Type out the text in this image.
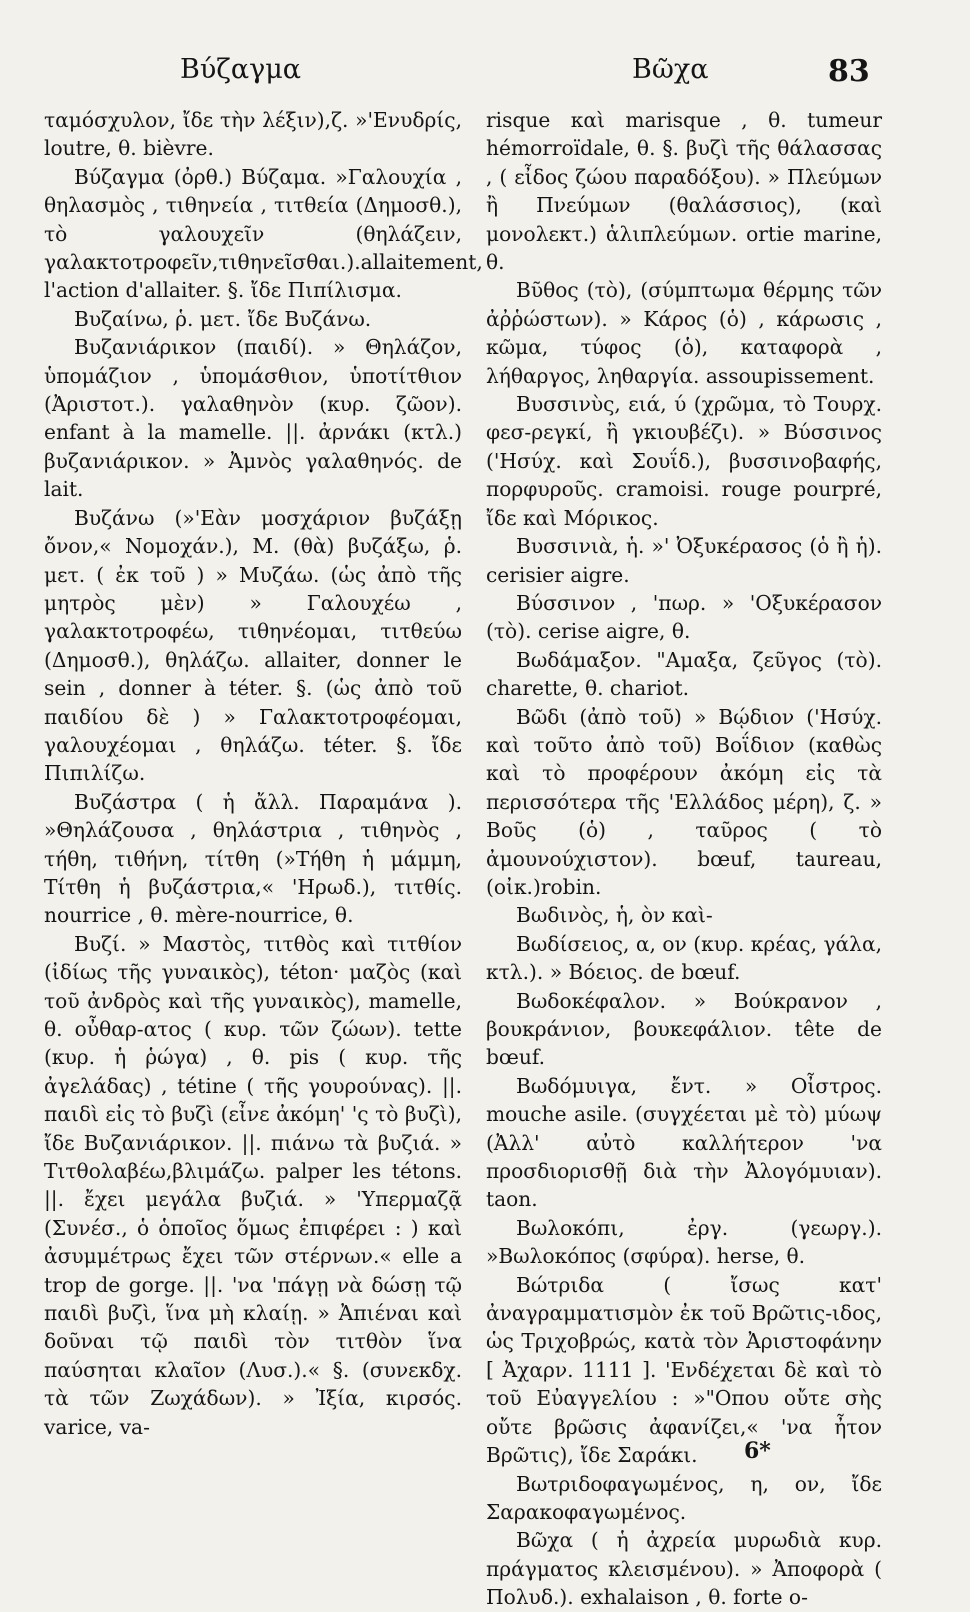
Βύζαγμα	Βῶχα	83

ταμόσχυλον, ἴδε τὴν λέξιν),ζ. »'Ενυδρίς, loutre, θ. bièvre.

Βύζαγμα (ὀρθ.) Βύζαμα. »Γαλουχία , θηλασμὸς , τιθηνεία , τιτθεία (Δημοσθ.), τὸ γαλουχεῖν (θηλάζειν, γαλακτοτροφεῖν,τιθηνεῖσθαι.).allaitement, l'action d'allaiter. §. ἴδε Πιπίλισμα.

Βυζαίνω, ῥ. μετ. ἴδε Βυζάνω.

Βυζανιάρικον (παιδί). » Θηλάζον, ὑπομάζιον , ὑπομάσθιον, ὑποτίτθιον (Ἀριστοτ.). γαλαθηνὸν (κυρ. ζῶον). enfant à la mamelle. ||. ἀρνάκι (κτλ.) βυζανιάρικον. » Ἀμνὸς γαλαθηνός. de lait.

Βυζάνω (»'Εὰν μοσχάριον βυζάξῃ ὄνον,« Νομοχάν.), Μ. (θὰ) βυζάξω, ῥ. μετ. ( ἐκ τοῦ ) » Μυζάω. (ὡς ἀπὸ τῆς μητρὸς μὲν) » Γαλουχέω , γαλακτοτροφέω, τιθηνέομαι, τιτθεύω (Δημοσθ.), θηλάζω. allaiter, donner le sein , donner à téter. §. (ὡς ἀπὸ τοῦ παιδίου δὲ ) » Γαλακτοτροφέομαι, γαλουχέομαι , θηλάζω. téter. §. ἴδε Πιπιλίζω.

Βυζάστρα ( ἡ ἄλλ. Παραμάνα ). »Θηλάζουσα , θηλάστρια , τιθηνὸς , τήθη, τιθήνη, τίτθη (»Τήθη ἡ μάμμη, Τίτθη ἡ βυζάστρια,« 'Ηρωδ.), τιτθίς. nourrice , θ. mère-nourrice, θ.

Βυζί. » Μαστὸς, τιτθὸς καὶ τιτθίον (ἰδίως τῆς γυναικὸς), téton· μαζὸς (καὶ τοῦ ἀνδρὸς καὶ τῆς γυναικὸς), mamelle, θ. οὖθαρ-ατος ( κυρ. τῶν ζώων). tette (κυρ. ἡ ῥώγα) , θ. pis ( κυρ. τῆς ἀγελάδας) , tétine ( τῆς γουρούνας). ||. παιδὶ εἰς τὸ βυζὶ (εἶνε ἀκόμη' 'ς τὸ βυζὶ), ἴδε Βυζανιάρικον. ||. πιάνω τὰ βυζιά. » Τιτθολαβέω,βλιμάζω. palper les tétons. ||. ἔχει μεγάλα βυζιά. » 'Υπερμαζᾷ (Συνέσ., ὁ ὁποῖος ὅμως ἐπιφέρει : ) καὶ ἀσυμμέτρως ἔχει τῶν στέρνων.« elle a trop de gorge. ||. 'να 'πάγῃ νὰ δώσῃ τῷ παιδὶ βυζὶ, ἵνα μὴ κλαίῃ. » Ἀπιέναι καὶ δοῦναι τῷ παιδὶ τὸν τιτθὸν ἵνα παύσηται κλαῖον (Λυσ.).« §. (συνεκδχ. τὰ τῶν Ζωχάδων). » Ἰξία, κιρσός. varice, va-

risque καὶ marisque , θ. tumeur hémorroïdale, θ. §. βυζὶ τῆς θάλασσας , ( εἶδος ζώου παραδόξου). » Πλεύμων ἢ Πνεύμων (θαλάσσιος), (καὶ μονολεκτ.) ἁλιπλεύμων. ortie marine, θ.

Βῦθος (τὸ), (σύμπτωμα θέρμης τῶν ἀῤῥώστων). » Κάρος (ὁ) , κάρωσις , κῶμα, τύφος (ὁ), καταφορὰ , λήθαργος, ληθαργία. assoupissement.

Βυσσινὺς, ειά, ύ (χρῶμα, τὸ Τουρχ. φεσ-ρεγκί, ἢ γκιουβέζι). » Βύσσινος ('Ησύχ. καὶ Σουΐδ.), βυσσινοβαφής, πορφυροῦς. cramoisi. rouge pourpré, ἴδε καὶ Μόρικος.

Βυσσινιὰ, ἡ. »' Ὀξυκέρασος (ὁ ἢ ἡ). cerisier aigre.

Βύσσινον , 'πωρ. » 'Οξυκέρασον (τὸ). cerise aigre, θ.

Βωδάμαξον. "Αμαξα, ζεῦγος (τὸ). charette, θ. chariot.

Βῶδι (ἀπὸ τοῦ) » Βῴδιον ('Ησύχ. καὶ τοῦτο ἀπὸ τοῦ) Βοΐδιον (καθὼς καὶ τὸ προφέρουν ἀκόμη εἰς τὰ περισσότερα τῆς 'Ελλάδος μέρη), ζ. » Βοῦς (ὁ) , ταῦρος ( τὸ ἀμουνούχιστον). bœuf, taureau, (οἰκ.)robin.

Βωδινὸς, ἡ, ὸν καὶ-

Βωδίσειος, α, ον (κυρ. κρέας, γάλα, κτλ.). » Βόειος. de bœuf.

Βωδοκέφαλον. » Βούκρανον , βουκράνιον, βουκεφάλιον. tête de bœuf.

Βωδόμυιγα, ἔντ. » Οἶστρος. mouche asile. (συγχέεται μὲ τὸ) μύωψ (Ἀλλ' αὐτὸ καλλήτερον 'να προσδιορισθῇ διὰ τὴν Ἀλογόμυιαν). taon.

Βωλοκόπι, ἐργ. (γεωργ.). »Βωλοκόπος (σφύρα). herse, θ.

Βώτριδα ( ἴσως κατ' ἀναγραμματισμὸν ἐκ τοῦ Βρῶτις-ιδος, ὡς Τριχοβρώς, κατὰ τὸν Ἀριστοφάνην [ Ἀχαρν. 1111 ]. 'Ενδέχεται δὲ καὶ τὸ τοῦ Εὐαγγελίου : »"Οπου οὔτε σὴς οὔτε βρῶσις ἀφανίζει,« 'να ἦτον Βρῶτις), ἴδε Σαράκι.

Βωτριδοφαγωμένος, η, ον, ἴδε Σαρακοφαγωμένος.

Βῶχα ( ἡ ἀχρεία μυρωδιὰ κυρ. πράγματος κλεισμένου). » Ἀποφορὰ ( Πολυδ.). exhalaison , θ. forte o-

6*
